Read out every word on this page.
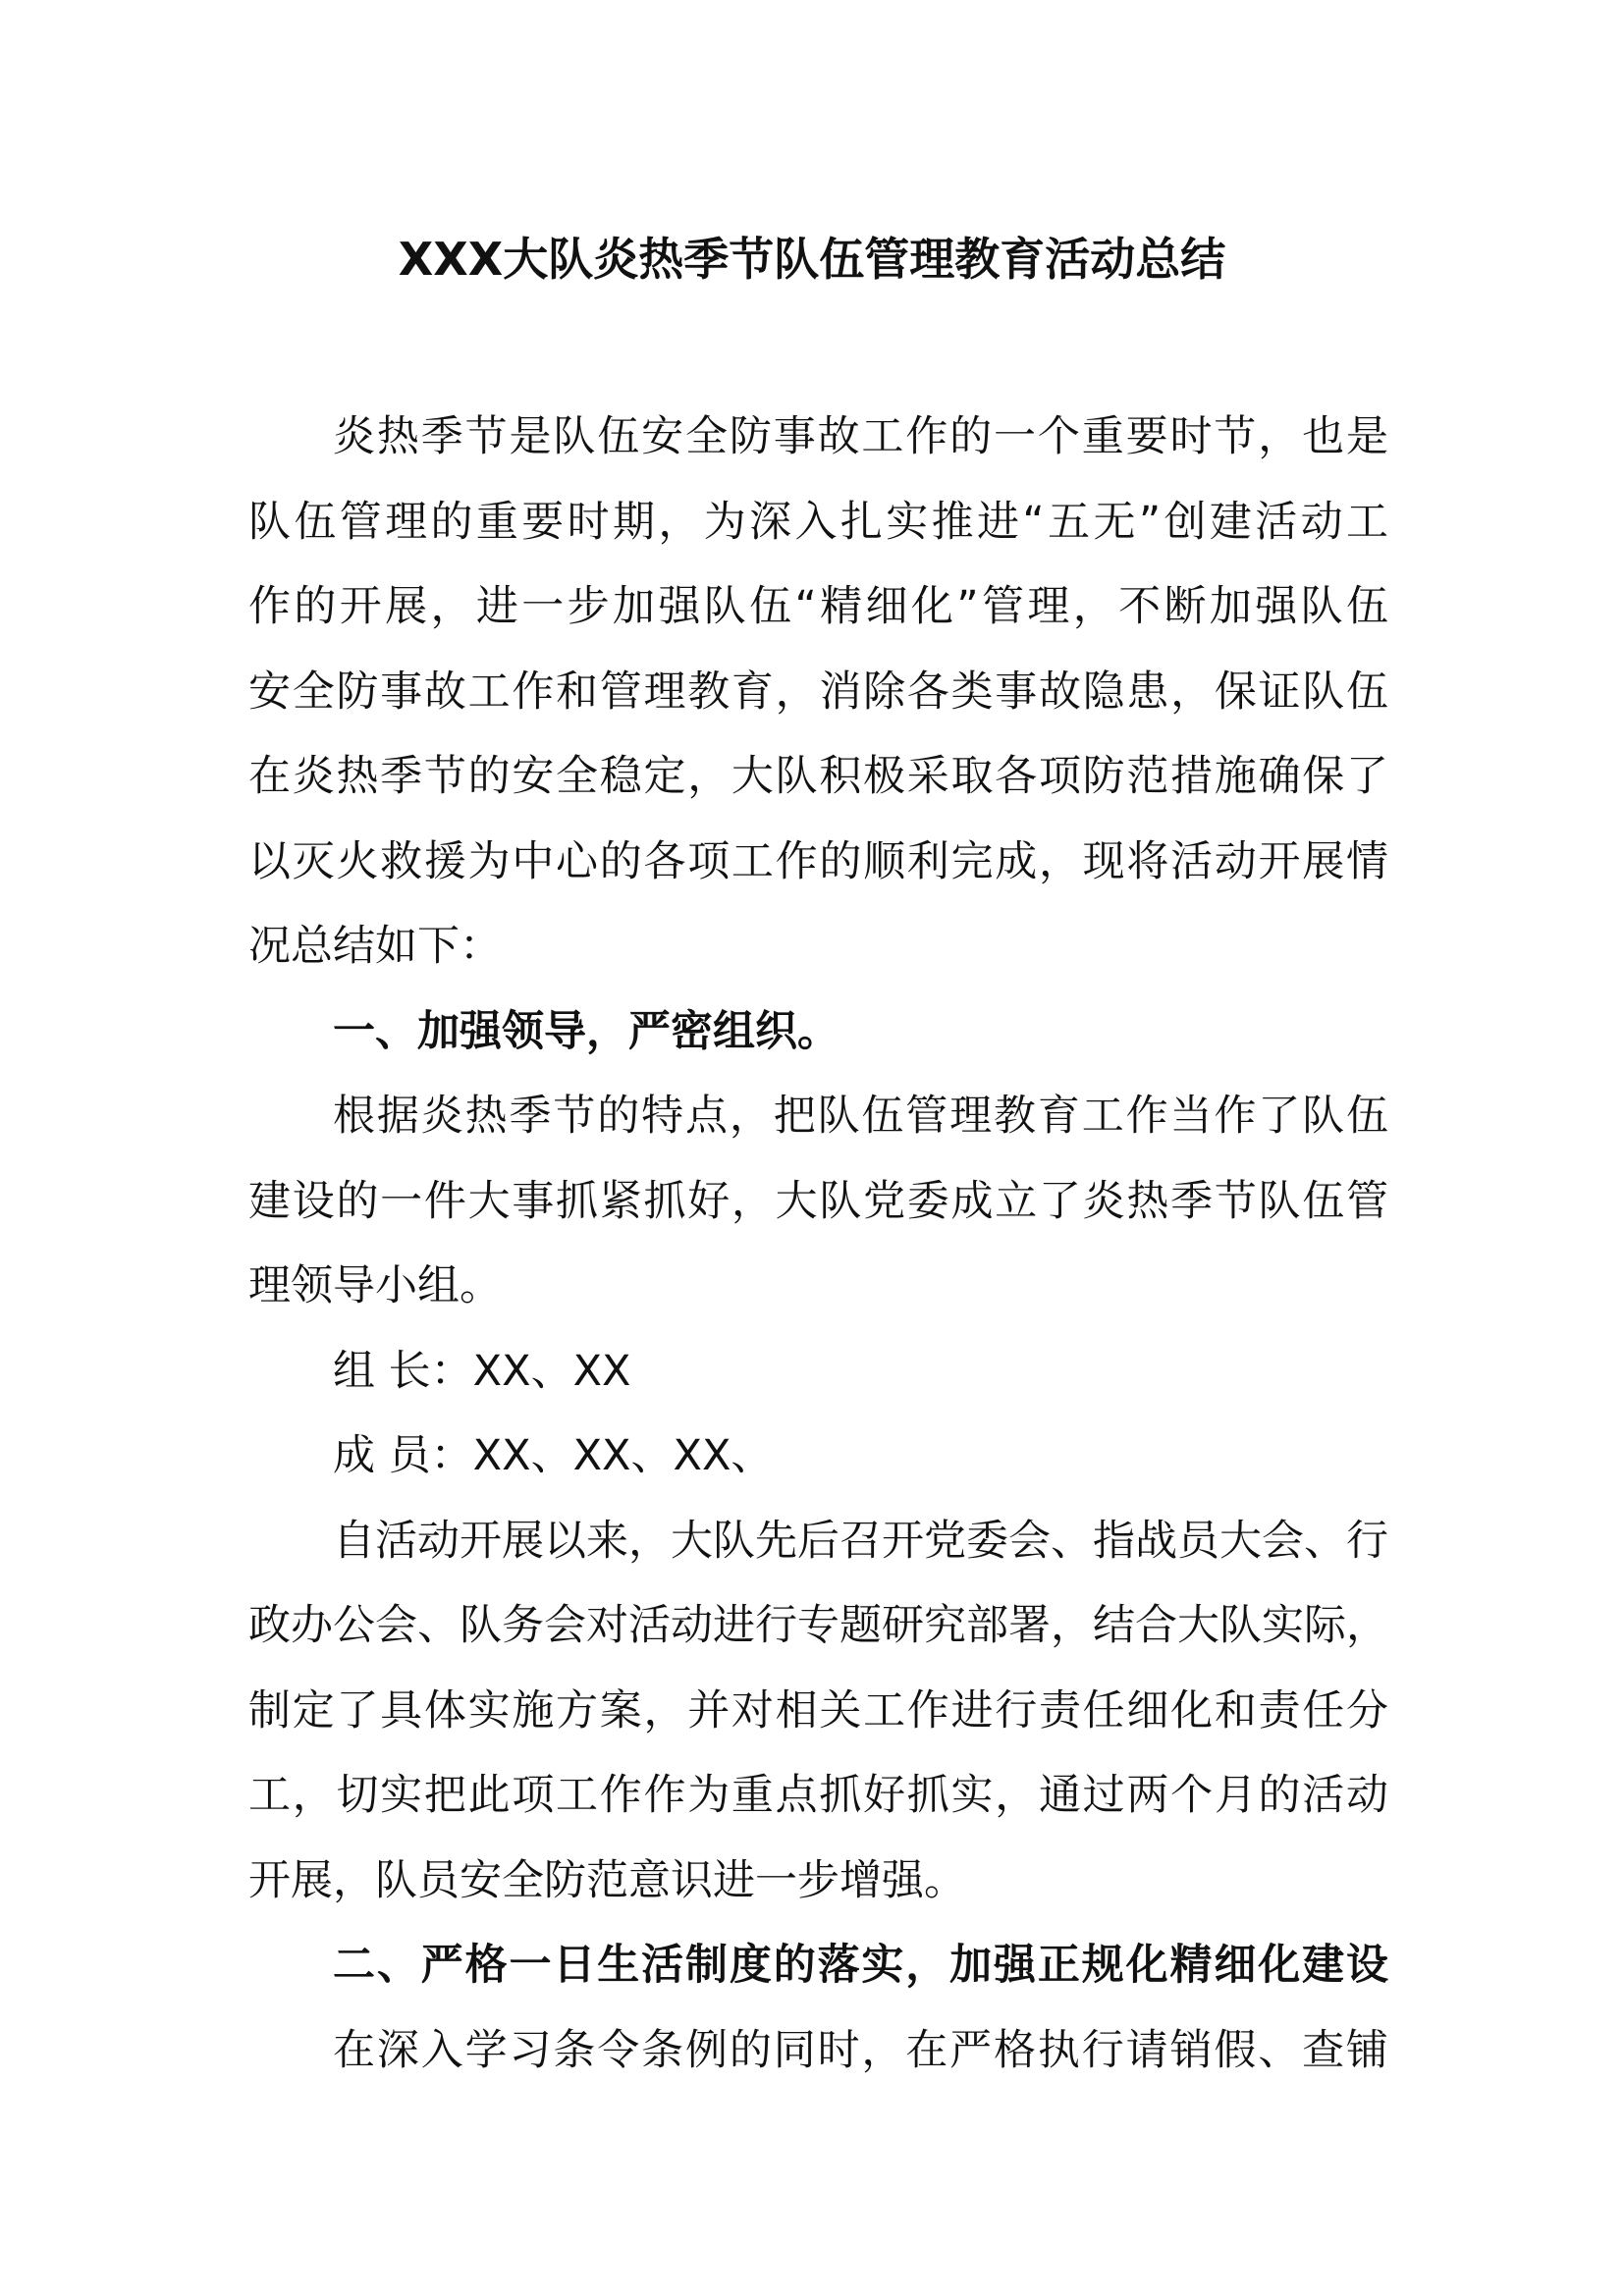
XXX大队炎热季节队伍管理教育活动总结
炎热季节是队伍安全防事故工作的一个重要时节，也是
队伍管理的重要时期，为深入扎实推进“五无”创建活动工
作的开展，进一步加强队伍“精细化”管理，不断加强队伍
安全防事故工作和管理教育，消除各类事故隐患，保证队伍
在炎热季节的安全稳定，大队积极采取各项防范措施确保了
以灭火救援为中心的各项工作的顺利完成，现将活动开展情
况总结如下：
一、加强领导，严密组织。
根据炎热季节的特点，把队伍管理教育工作当作了队伍
建设的一件大事抓紧抓好，大队党委成立了炎热季节队伍管
理领导小组。
组 长：XX、XX
成 员：XX、XX、XX、
自活动开展以来，大队先后召开党委会、指战员大会、行
政办公会、队务会对活动进行专题研究部署，结合大队实际，
制定了具体实施方案，并对相关工作进行责任细化和责任分
工，切实把此项工作作为重点抓好抓实，通过两个月的活动
开展，队员安全防范意识进一步增强。
二、严格一日生活制度的落实，加强正规化精细化建设
在深入学习条令条例的同时，在严格执行请销假、查铺
